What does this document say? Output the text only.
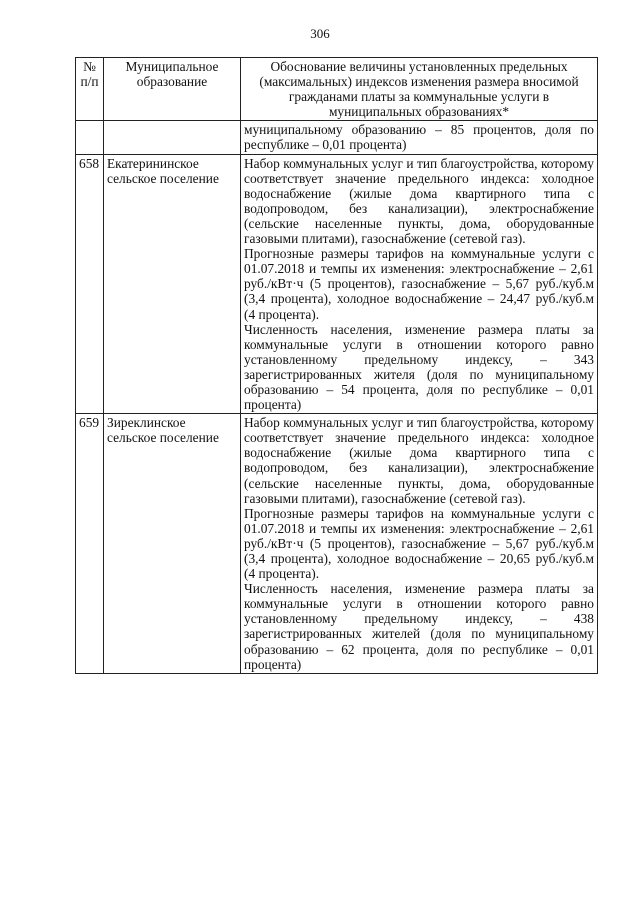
306
№ п/п	Муниципальное образование	Обоснование величины установленных предельных (максимальных) индексов изменения размера вносимой гражданами платы за коммунальные услуги в муниципальных образованиях*
		муниципальному образованию – 85 процентов, доля по республике – 0,01 процента)
658	Екатерининское сельское поселение	Набор коммунальных услуг и тип благоустройства, которому соответствует значение предельного индекса: холодное водоснабжение (жилые дома квартирного типа с водопроводом, без канализации), электроснабжение (сельские населенные пункты, дома, оборудованные газовыми плитами), газоснабжение (сетевой газ).

Прогнозные размеры тарифов на коммунальные услуги с 01.07.2018 и темпы их изменения: электроснабжение – 2,61 руб./кВт·ч (5 процентов), газоснабжение – 5,67 руб./куб.м (3,4 процента), холодное водоснабжение – 24,47 руб./куб.м (4 процента).

Численность населения, изменение размера платы за коммунальные услуги в отношении которого равно установленному предельному индексу, – 343 зарегистрированных жителя (доля по муниципальному образованию – 54 процента, доля по республике – 0,01 процента)

659	Зиреклинское сельское поселение	Набор коммунальных услуг и тип благоустройства, которому соответствует значение предельного индекса: холодное водоснабжение (жилые дома квартирного типа с водопроводом, без канализации), электроснабжение (сельские населенные пункты, дома, оборудованные газовыми плитами), газоснабжение (сетевой газ).

Прогнозные размеры тарифов на коммунальные услуги с 01.07.2018 и темпы их изменения: электроснабжение – 2,61 руб./кВт·ч (5 процентов), газоснабжение – 5,67 руб./куб.м (3,4 процента), холодное водоснабжение – 20,65 руб./куб.м (4 процента).

Численность населения, изменение размера платы за коммунальные услуги в отношении которого равно установленному предельному индексу, – 438 зарегистрированных жителей (доля по муниципальному образованию – 62 процента, доля по республике – 0,01 процента)
